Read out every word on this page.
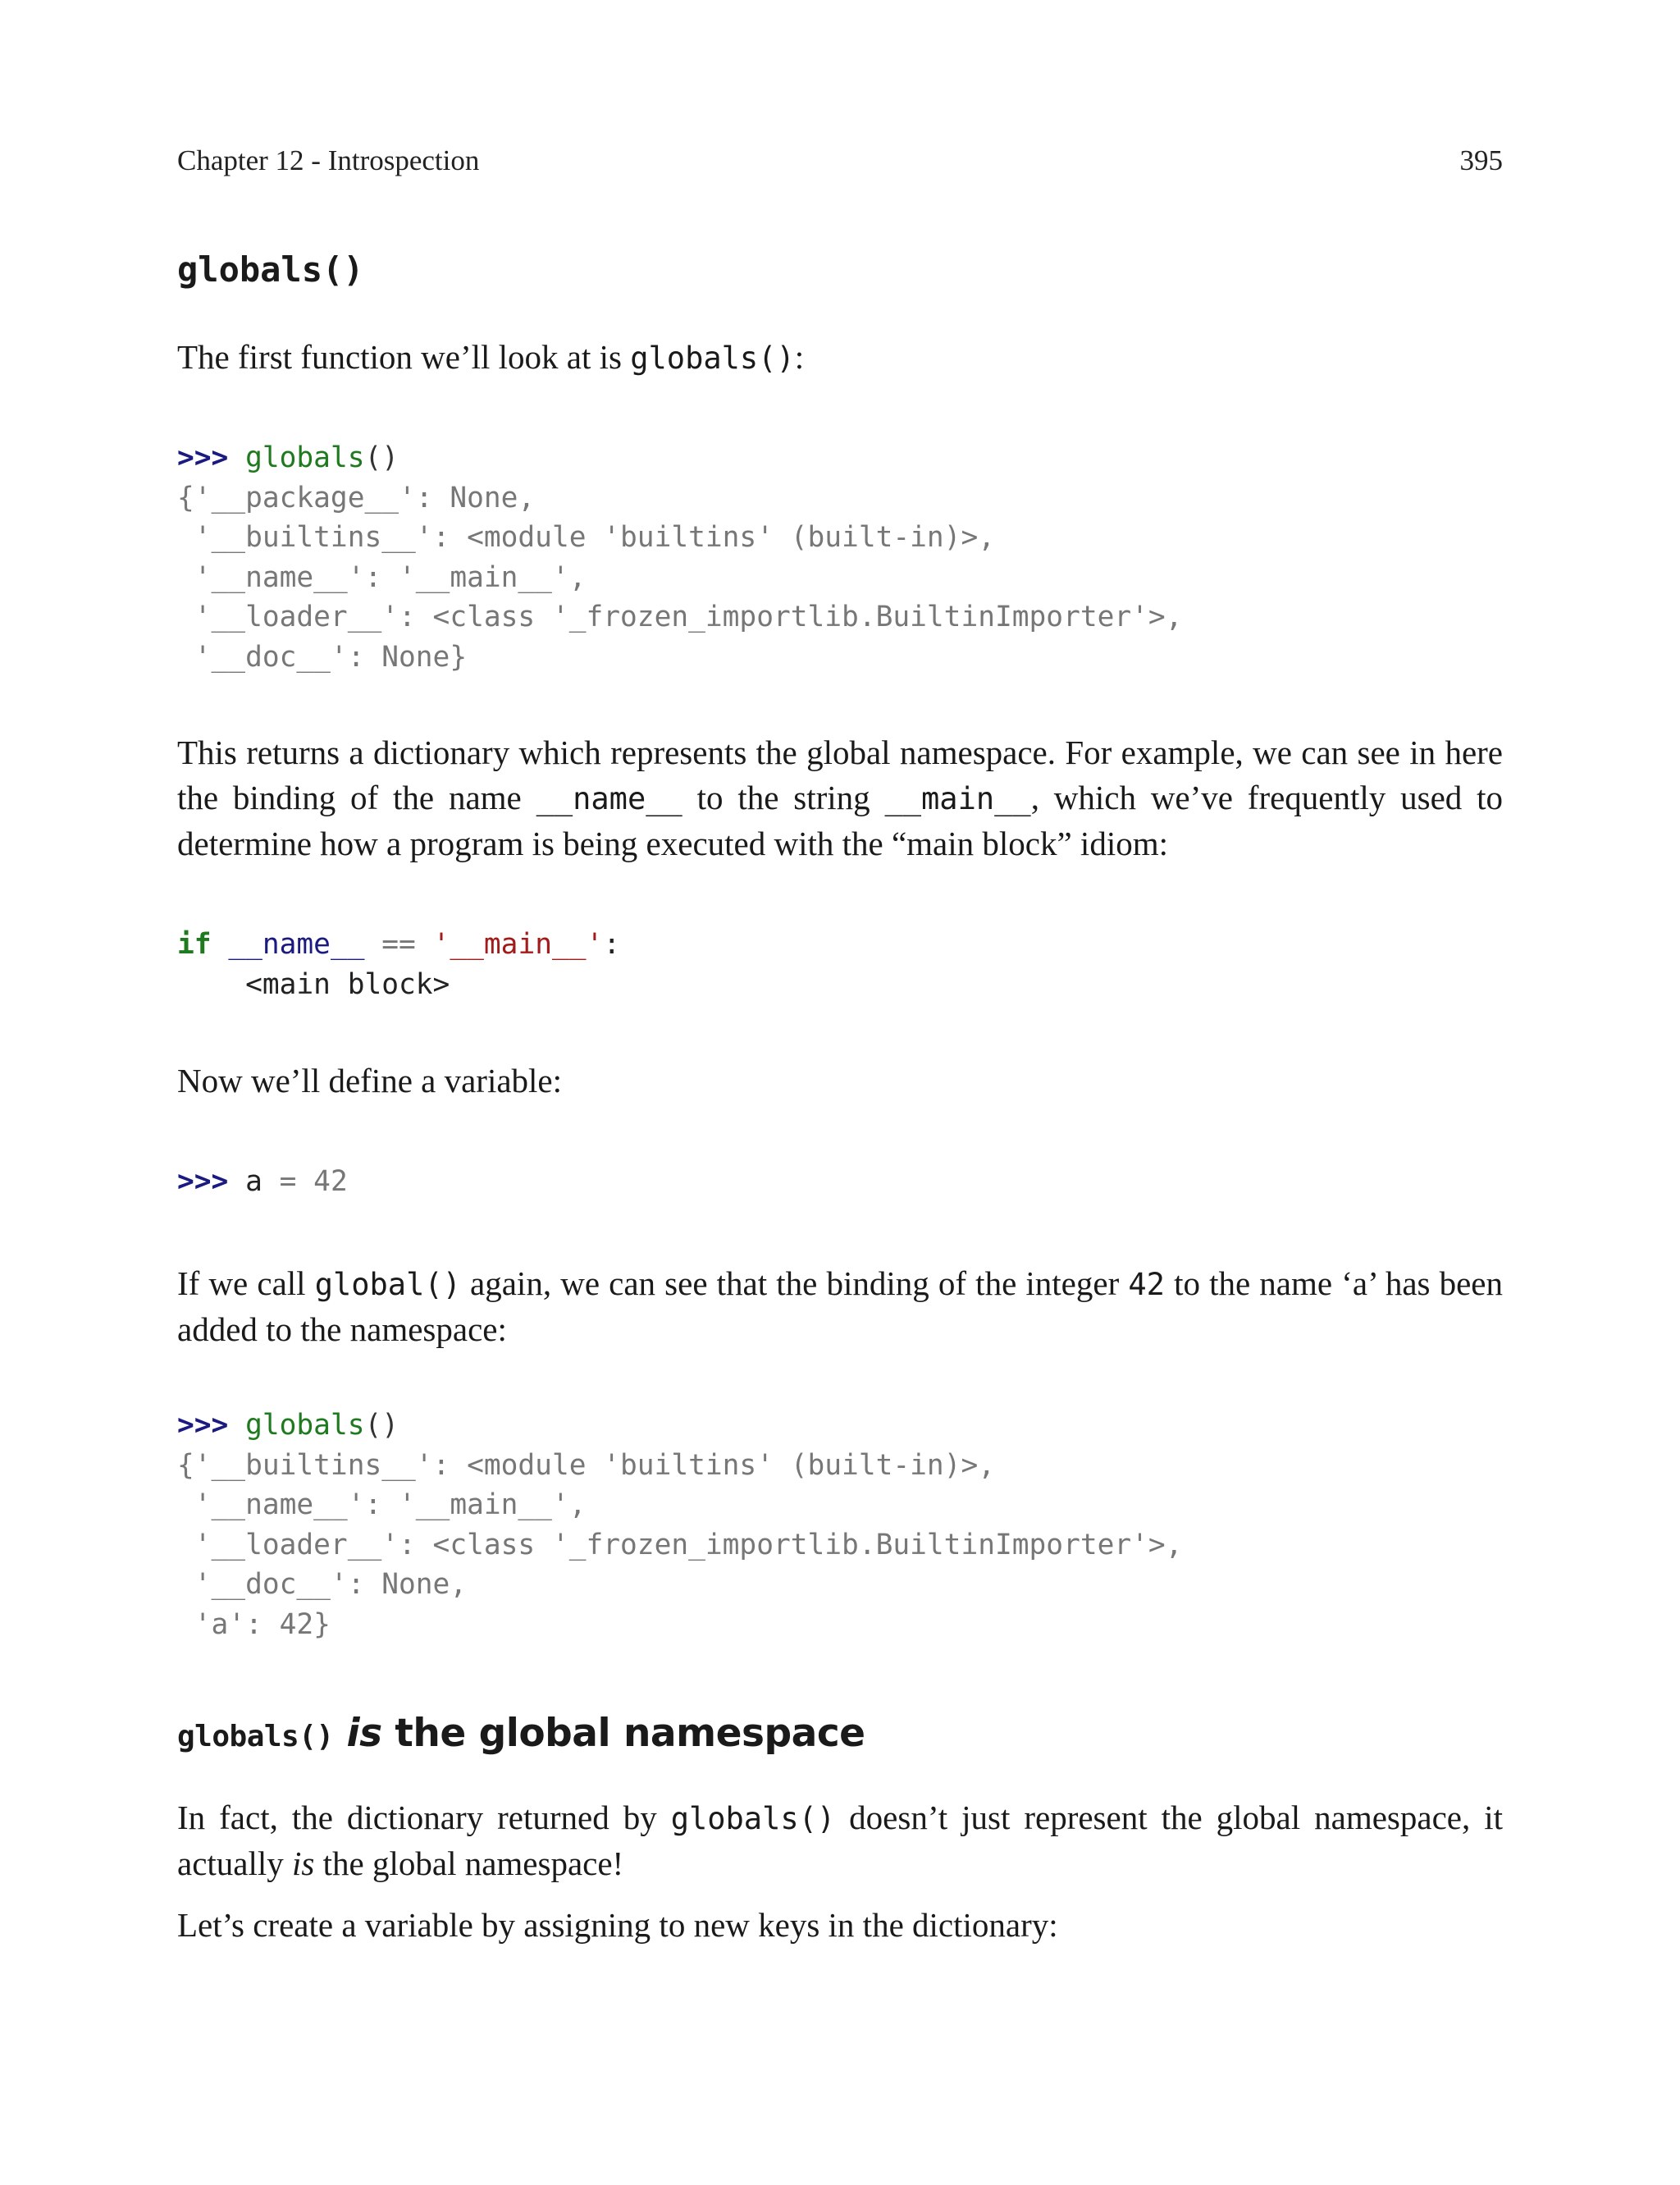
Chapter 12 - Introspection	395
globals()

The first function we’ll look at is globals():

>>> globals()
{'__package__': None,
'__builtins__': <module 'builtins' (built-in)>,
'__name__': '__main__',
'__loader__': <class '_frozen_importlib.BuiltinImporter'>,
'__doc__': None}

This returns a dictionary which represents the global namespace. For example, we can see in here the binding of the name __name__ to the string __main__, which we’ve frequently used to determine how a program is being executed with the “main block” idiom:

if __name__ == '__main__':
<main block>

Now we’ll define a variable:

>>> a = 42

If we call global() again, we can see that the binding of the integer 42 to the name ‘a’ has been added to the namespace:

>>> globals()
{'__builtins__': <module 'builtins' (built-in)>,
'__name__': '__main__',
'__loader__': <class '_frozen_importlib.BuiltinImporter'>,
'__doc__': None,
'a': 42}
globals() is the global namespace

In fact, the dictionary returned by globals() doesn’t just represent the global namespace, it actually is the global namespace!

Let’s create a variable by assigning to new keys in the dictionary:
